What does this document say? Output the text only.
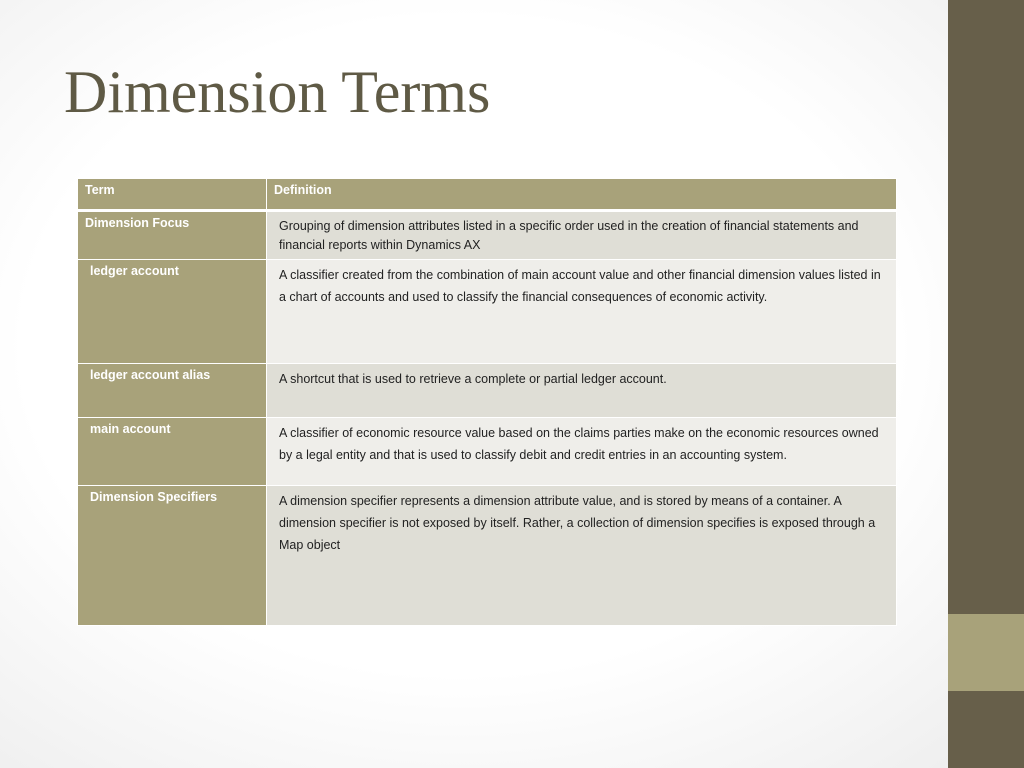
Dimension Terms
Term	Definition
Dimension Focus	Grouping of dimension attributes listed in a specific order used in the creation of financial statements and financial reports within Dynamics AX
ledger account	A classifier created from the combination of main account value and other financial dimension values listed in a chart of accounts and used to classify the financial consequences of economic activity.
ledger account alias	A shortcut that is used to retrieve a complete or partial ledger account.
main account	A classifier of economic resource value based on the claims parties make on the economic resources owned by a legal entity and that is used to classify debit and credit entries in an accounting system.
Dimension Specifiers	A dimension specifier represents a dimension attribute value, and is stored by means of a container. A dimension specifier is not exposed by itself. Rather, a collection of dimension specifies is exposed through a Map object
